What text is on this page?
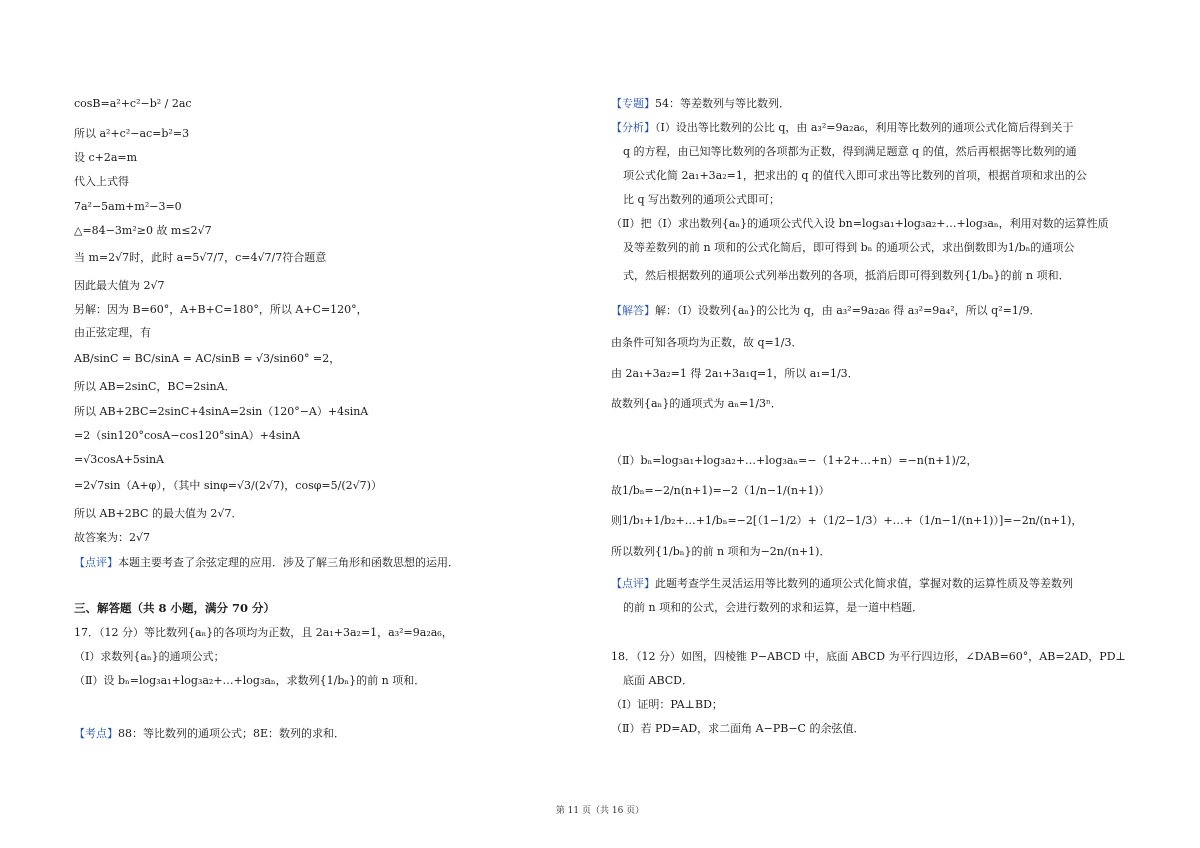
cosB=a²+c²−b² / 2ac
所以 a²+c²−ac=b²=3
设 c+2a=m
代入上式得
7a²−5am+m²−3=0
△=84−3m²≥0 故 m≤2√7
当 m=2√7时，此时 a=5√7/7，c=4√7/7符合题意
因此最大值为 2√7
另解：因为 B=60°，A+B+C=180°，所以 A+C=120°，
由正弦定理，有
AB/sinC = BC/sinA = AC/sinB = √3/sin60° =2，
所以 AB=2sinC，BC=2sinA．
所以 AB+2BC=2sinC+4sinA=2sin（120°−A）+4sinA
=2（sin120°cosA−cos120°sinA）+4sinA
=√3cosA+5sinA
=2√7sin（A+φ），（其中 sinφ=√3/(2√7)，cosφ=5/(2√7)）
所以 AB+2BC 的最大值为 2√7．
故答案为：2√7
【点评】本题主要考查了余弦定理的应用．涉及了解三角形和函数思想的运用．
三、解答题（共 8 小题，满分 70 分）
17．（12 分）等比数列{aₙ}的各项均为正数，且 2a₁+3a₂=1，a₃²=9a₂a₆，
（Ⅰ）求数列{aₙ}的通项公式；
（Ⅱ）设 bₙ=log₃a₁+log₃a₂+…+log₃aₙ，求数列{1/bₙ}的前 n 项和．
【考点】88：等比数列的通项公式；8E：数列的求和．
【专题】54：等差数列与等比数列．
【分析】（Ⅰ）设出等比数列的公比 q，由 a₃²=9a₂a₆，利用等比数列的通项公式化简后得到关于
q 的方程，由已知等比数列的各项都为正数，得到满足题意 q 的值，然后再根据等比数列的通
项公式化简 2a₁+3a₂=1，把求出的 q 的值代入即可求出等比数列的首项，根据首项和求出的公
比 q 写出数列的通项公式即可；
（Ⅱ）把（Ⅰ）求出数列{aₙ}的通项公式代入设 bn=log₃a₁+log₃a₂+…+log₃aₙ，利用对数的运算性质
及等差数列的前 n 项和的公式化简后，即可得到 bₙ 的通项公式，求出倒数即为1/bₙ的通项公
式，然后根据数列的通项公式列举出数列的各项，抵消后即可得到数列{1/bₙ}的前 n 项和．
【解答】解：（Ⅰ）设数列{aₙ}的公比为 q，由 a₃²=9a₂a₆ 得 a₃²=9a₄²，所以 q²=1/9．
由条件可知各项均为正数，故 q=1/3．
由 2a₁+3a₂=1 得 2a₁+3a₁q=1，所以 a₁=1/3．
故数列{aₙ}的通项式为 aₙ=1/3ⁿ．
（Ⅱ）bₙ=log₃a₁+log₃a₂+…+log₃aₙ=−（1+2+…+n）=−n(n+1)/2，
故1/bₙ=−2/n(n+1)=−2（1/n−1/(n+1)）
则1/b₁+1/b₂+…+1/bₙ=−2[（1−1/2）+（1/2−1/3）+…+（1/n−1/(n+1)）]=−2n/(n+1)，
所以数列{1/bₙ}的前 n 项和为−2n/(n+1)．
【点评】此题考查学生灵活运用等比数列的通项公式化简求值，掌握对数的运算性质及等差数列
的前 n 项和的公式，会进行数列的求和运算，是一道中档题．
18．（12 分）如图，四棱锥 P−ABCD 中，底面 ABCD 为平行四边形，∠DAB=60°，AB=2AD，PD⊥
底面 ABCD．
（Ⅰ）证明：PA⊥BD；
（Ⅱ）若 PD=AD，求二面角 A−PB−C 的余弦值．
第 11 页（共 16 页）
